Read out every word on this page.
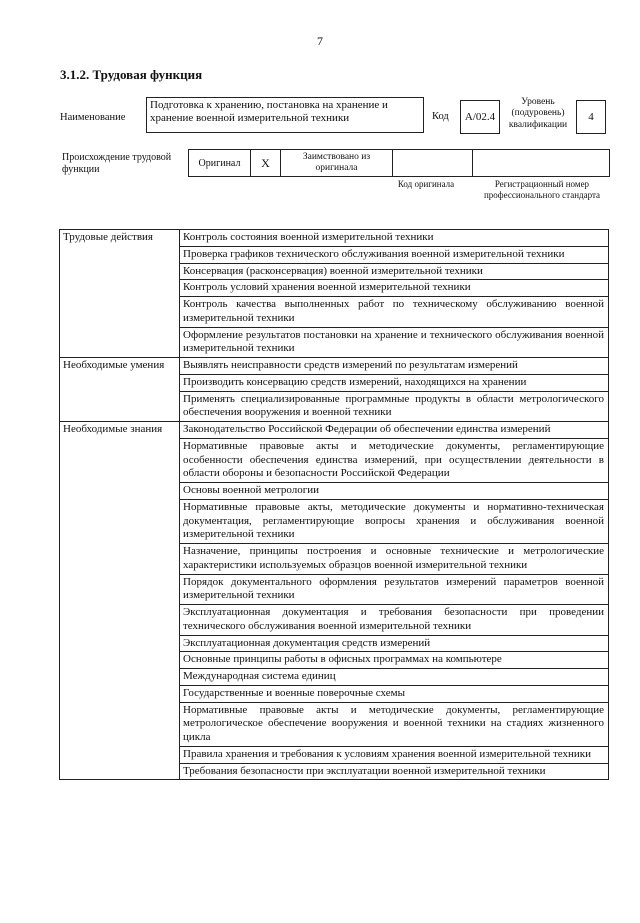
7
3.1.2. Трудовая функция
Наименование
Подготовка к хранению, постановка на хранение и хранение военной измерительной техники	Код	A/02.4
Уровень (подуровень) квалификации
4
Происхождение трудовой функции	Оригинал	X	Заимствовано из оригинала
Код оригинала	Регистрационный номер профессионального стандарта
Трудовые действия	Контроль состояния военной измерительной техники
	Проверка графиков технического обслуживания военной измерительной техники
	Консервация (расконсервация) военной измерительной техники
	Контроль условий хранения военной измерительной техники
	Контроль качества выполненных работ по техническому обслуживанию военной измерительной техники
	Оформление результатов постановки на хранение и технического обслуживания военной измерительной техники
Необходимые умения	Выявлять неисправности средств измерений по результатам измерений
	Производить консервацию средств измерений, находящихся на хранении
	Применять специализированные программные продукты в области метрологического обеспечения вооружения и военной техники
Необходимые знания	Законодательство Российской Федерации об обеспечении единства измерений
	Нормативные правовые акты и методические документы, регламентирующие особенности обеспечения единства измерений, при осуществлении деятельности в области обороны и безопасности Российской Федерации
	Основы военной метрологии
	Нормативные правовые акты, методические документы и нормативно-техническая документация, регламентирующие вопросы хранения и обслуживания военной измерительной техники
	Назначение, принципы построения и основные технические и метрологические характеристики используемых образцов военной измерительной техники
	Порядок документального оформления результатов измерений параметров военной измерительной техники
	Эксплуатационная документация и требования безопасности при проведении технического обслуживания военной измерительной техники
	Эксплуатационная документация средств измерений
	Основные принципы работы в офисных программах на компьютере
	Международная система единиц
	Государственные и военные поверочные схемы
	Нормативные правовые акты и методические документы, регламентирующие метрологическое обеспечение вооружения и военной техники на стадиях жизненного цикла
	Правила хранения и требования к условиям хранения военной измерительной техники
	Требования безопасности при эксплуатации военной измерительной техники
